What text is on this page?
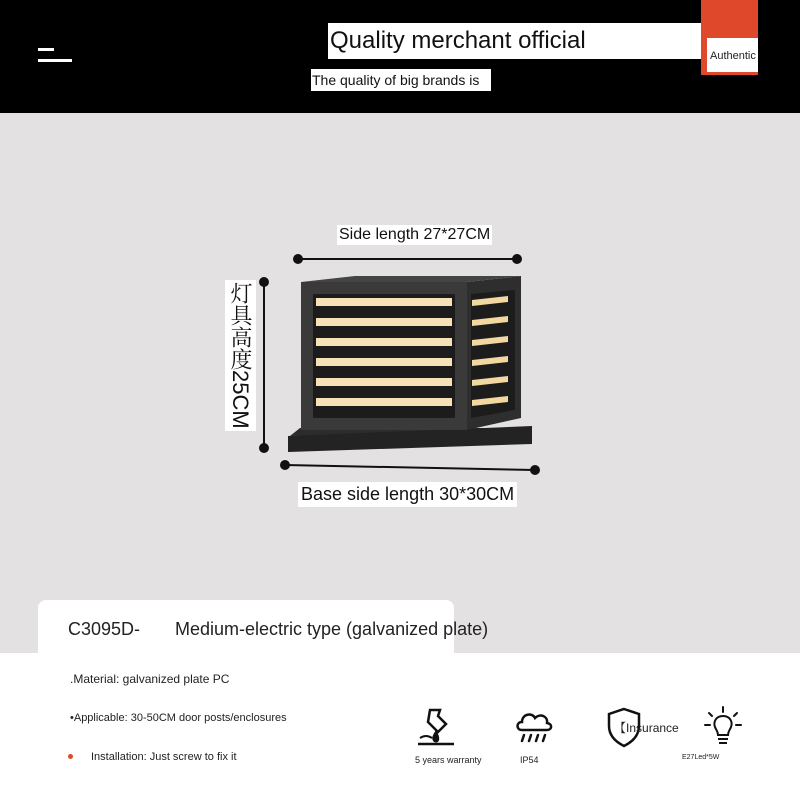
Quality merchant official
Authentic
The quality of big brands is
Side length 27*27CM
灯具高度25CM
Base side length 30*30CM
C3095D- Medium-electric type (galvanized plate)
.Material: galvanized plate PC
•Applicable: 30-50CM door posts/enclosures
Installation: Just screw to fix it	5 years warranty	IP54
【Insurance
E27Led*5W
